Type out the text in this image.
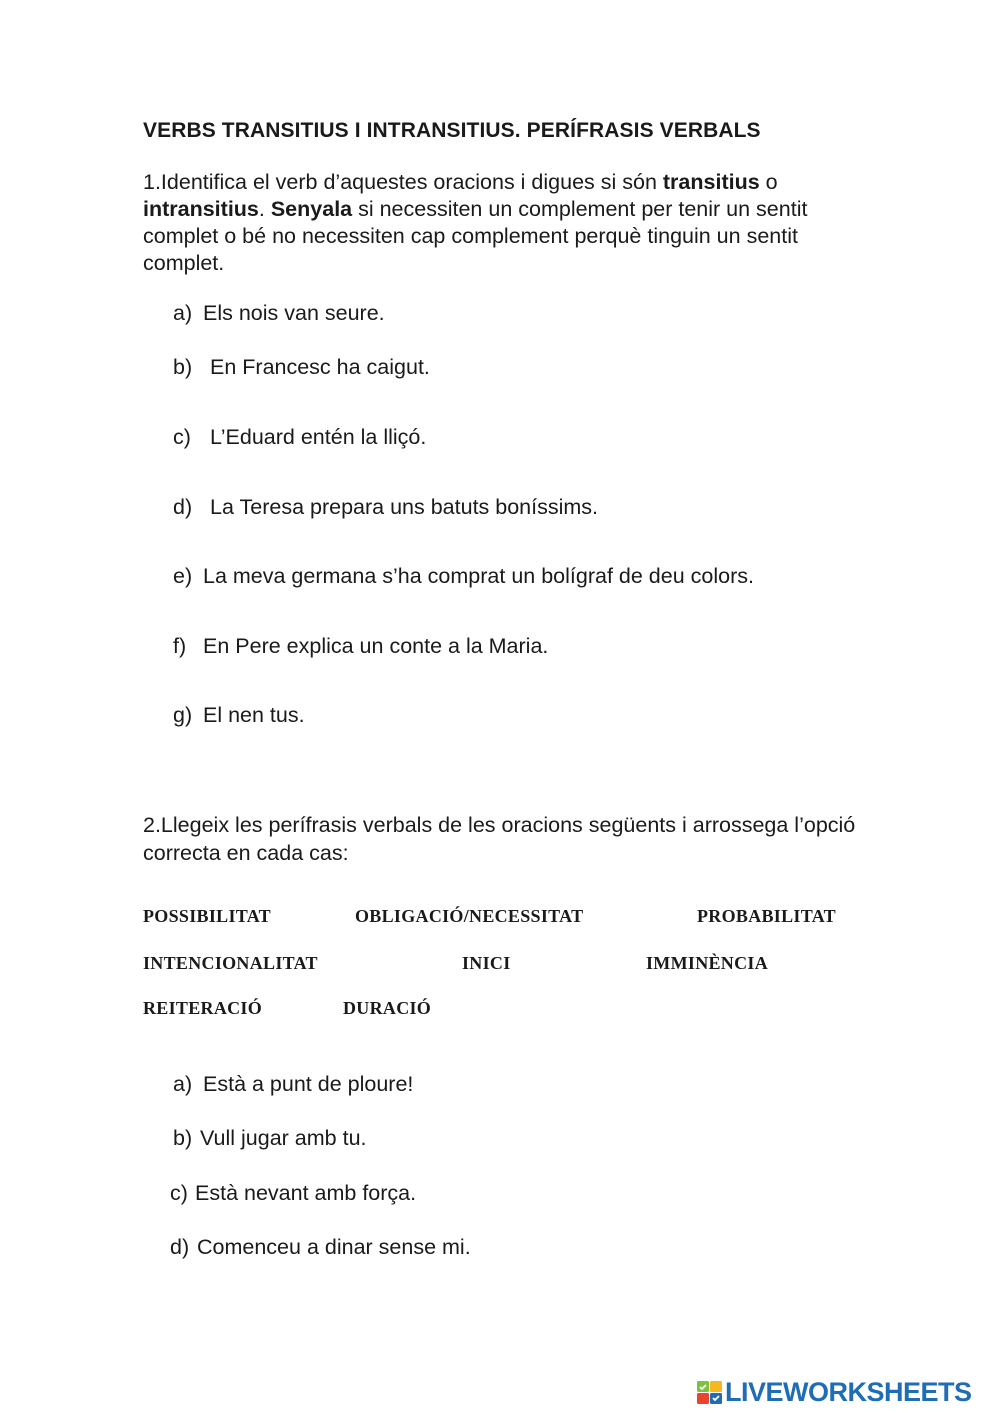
VERBS TRANSITIUS I INTRANSITIUS. PERÍFRASIS VERBALS
1.Identifica el verb d’aquestes oracions i digues si són transitius o intransitius. Senyala si necessiten un complement per tenir un sentit complet o bé no necessiten cap complement perquè tinguin un sentit complet.
a) Els nois van seure.
b) En Francesc ha caigut.
c) L’Eduard entén la lliçó.
d) La Teresa prepara uns batuts boníssims.
e) La meva germana s’ha comprat un bolígraf de deu colors.
f) En Pere explica un conte a la Maria.
g) El nen tus.
2.Llegeix les perífrasis verbals de les oracions següents i arrossega l’opció correcta en cada cas:
POSSIBILITAT	OBLIGACIÓ/NECESSITAT	PROBABILITAT
INTENCIONALITAT	INICI	IMMINÈNCIA
REITERACIÓ	DURACIÓ
a) Està a punt de ploure!
b) Vull jugar amb tu.
c) Està nevant amb força.
d) Comenceu a dinar sense mi.
LIVEWORKSHEETS
